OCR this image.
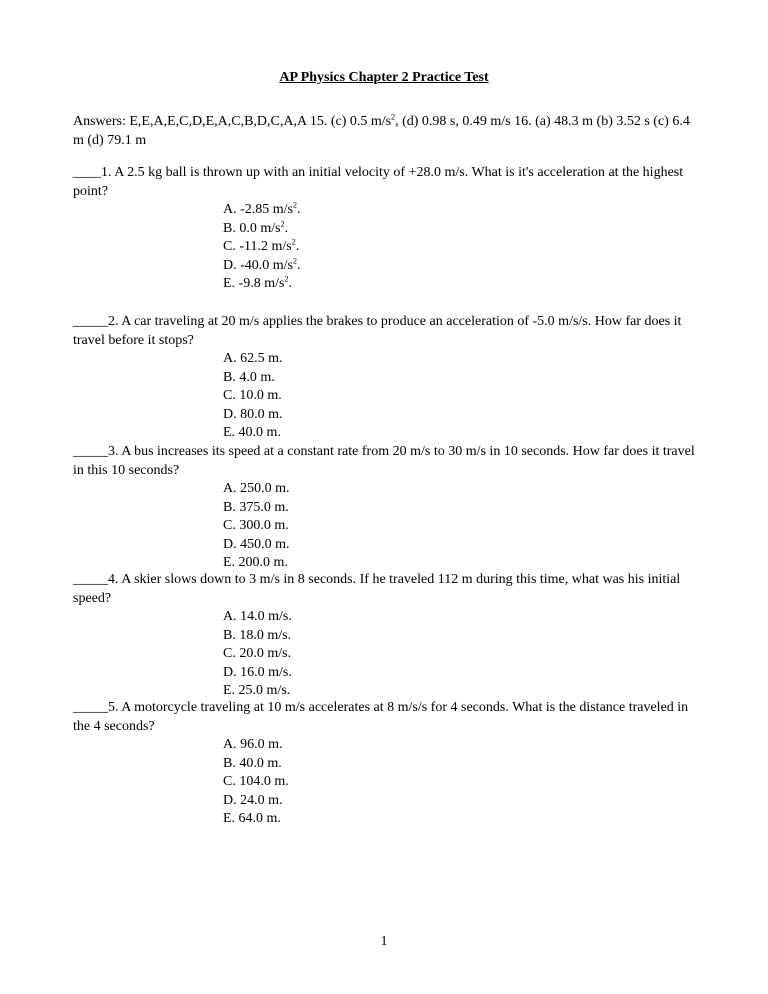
AP Physics Chapter 2 Practice Test
Answers: E,E,A,E,C,D,E,A,C,B,D,C,A,A 15. (c) 0.5 $m/s^2$, (d) 0.98 s, 0.49 m/s 16. (a) 48.3 m (b) 3.52 s (c) 6.4 m (d) 79.1 m

____1. A 2.5 kg ball is thrown up with an initial velocity of +28.0 m/s. What is it's acceleration at the highest point?

A. -2.85 $m/s^2$.
B. 0.0 $m/s^2$.
C. -11.2 $m/s^2$.
D. -40.0 $m/s^2$.
E. -9.8 $m/s^2$.

_____2. A car traveling at 20 m/s applies the brakes to produce an acceleration of -5.0 m/s/s. How far does it travel before it stops?

A. 62.5 m.
B. 4.0 m.
C. 10.0 m.
D. 80.0 m.
E. 40.0 m.

_____3. A bus increases its speed at a constant rate from 20 m/s to 30 m/s in 10 seconds. How far does it travel in this 10 seconds?

A. 250.0 m.
B. 375.0 m.
C. 300.0 m.
D. 450.0 m.
E. 200.0 m.

_____4. A skier slows down to 3 m/s in 8 seconds. If he traveled 112 m during this time, what was his initial speed?

A. 14.0 m/s.
B. 18.0 m/s.
C. 20.0 m/s.
D. 16.0 m/s.
E. 25.0 m/s.

_____5. A motorcycle traveling at 10 m/s accelerates at 8 m/s/s for 4 seconds. What is the distance traveled in the 4 seconds?

A. 96.0 m.
B. 40.0 m.
C. 104.0 m.
D. 24.0 m.
E. 64.0 m.
1
